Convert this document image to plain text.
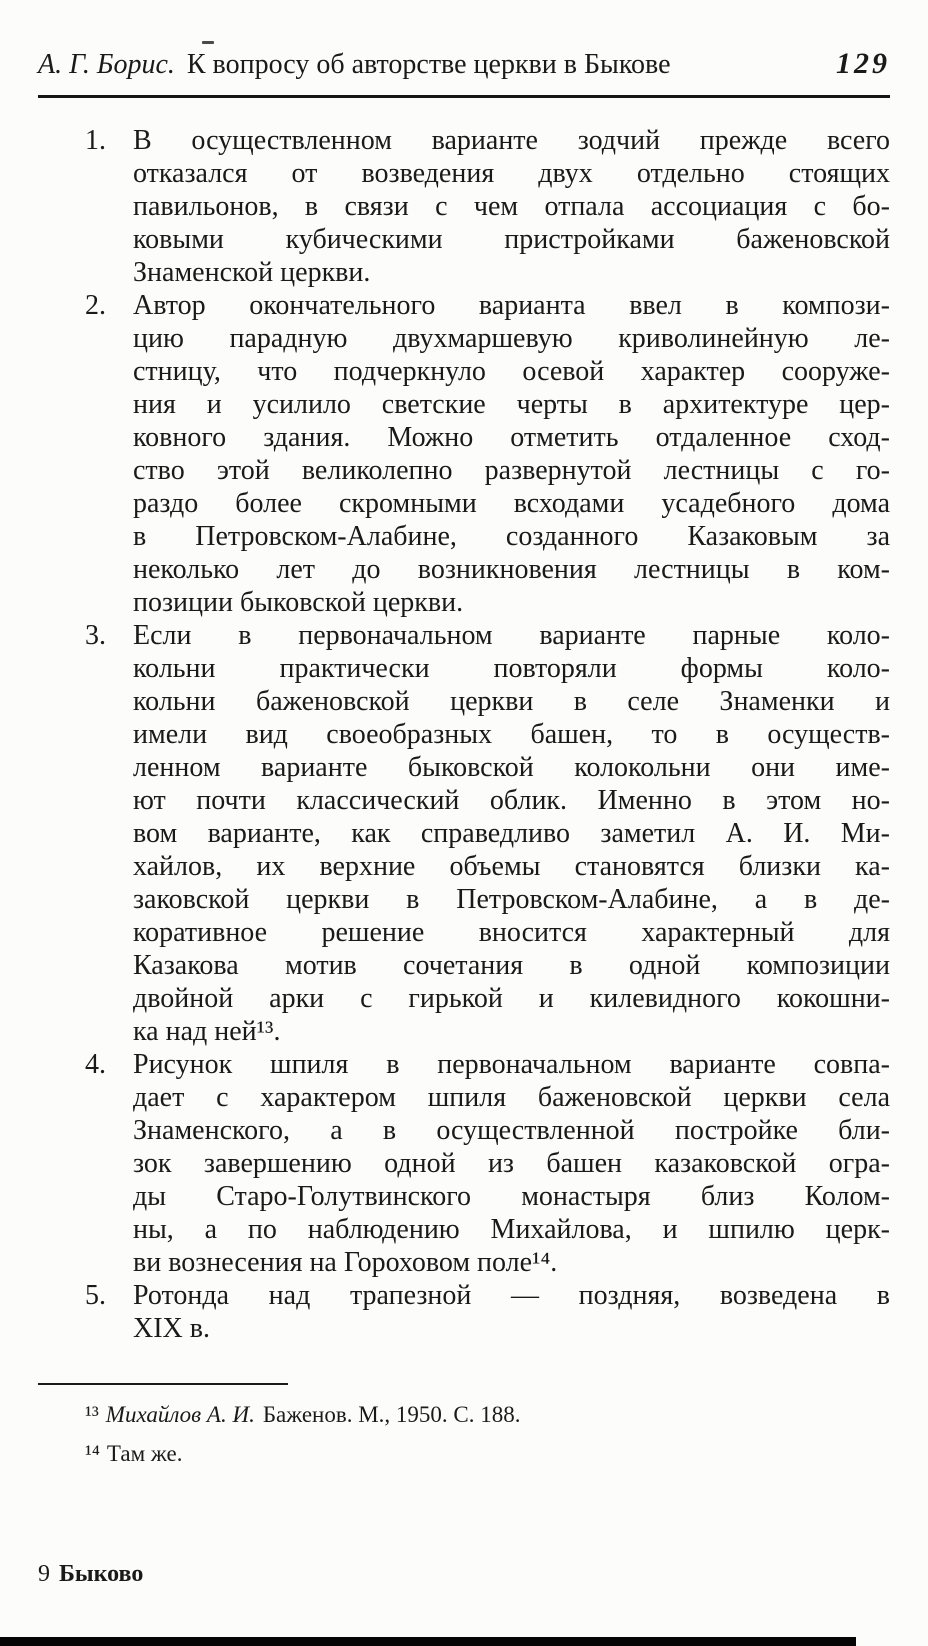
А. Г. Борис. К вопросу об авторстве церкви в Быкове	129
1. В осуществленном варианте зодчий прежде всего
отказался от возведения двух отдельно стоящих
павильонов, в связи с чем отпала ассоциация с бо-
ковыми кубическими пристройками баженовской
Знаменской церкви.
2. Автор окончательного варианта ввел в компози-
цию парадную двухмаршевую криволинейную ле-
стницу, что подчеркнуло осевой характер сооруже-
ния и усилило светские черты в архитектуре цер-
ковного здания. Можно отметить отдаленное сход-
ство этой великолепно развернутой лестницы с го-
раздо более скромными всходами усадебного дома
в Петровском-Алабине, созданного Казаковым за
неколько лет до возникновения лестницы в ком-
позиции быковской церкви.
3. Если в первоначальном варианте парные коло-
кольни практически повторяли формы коло-
кольни баженовской церкви в селе Знаменки и
имели вид своеобразных башен, то в осуществ-
ленном варианте быковской колокольни они име-
ют почти классический облик. Именно в этом но-
вом варианте, как справедливо заметил А. И. Ми-
хайлов, их верхние объемы становятся близки ка-
заковской церкви в Петровском-Алабине, а в де-
коративное решение вносится характерный для
Казакова мотив сочетания в одной композиции
двойной арки с гирькой и килевидного кокошни-
ка над ней¹³.
4. Рисунок шпиля в первоначальном варианте совпа-
дает с характером шпиля баженовской церкви села
Знаменского, а в осуществленной постройке бли-
зок завершению одной из башен казаковской огра-
ды Старо-Голутвинского монастыря близ Колом-
ны, а по наблюдению Михайлова, и шпилю церк-
ви вознесения на Гороховом поле¹⁴.
5. Ротонда над трапезной — поздняя, возведена в
XIX в.
¹³ Михайлов А. И. Баженов. М., 1950. С. 188.
¹⁴ Там же.
9 Быково
